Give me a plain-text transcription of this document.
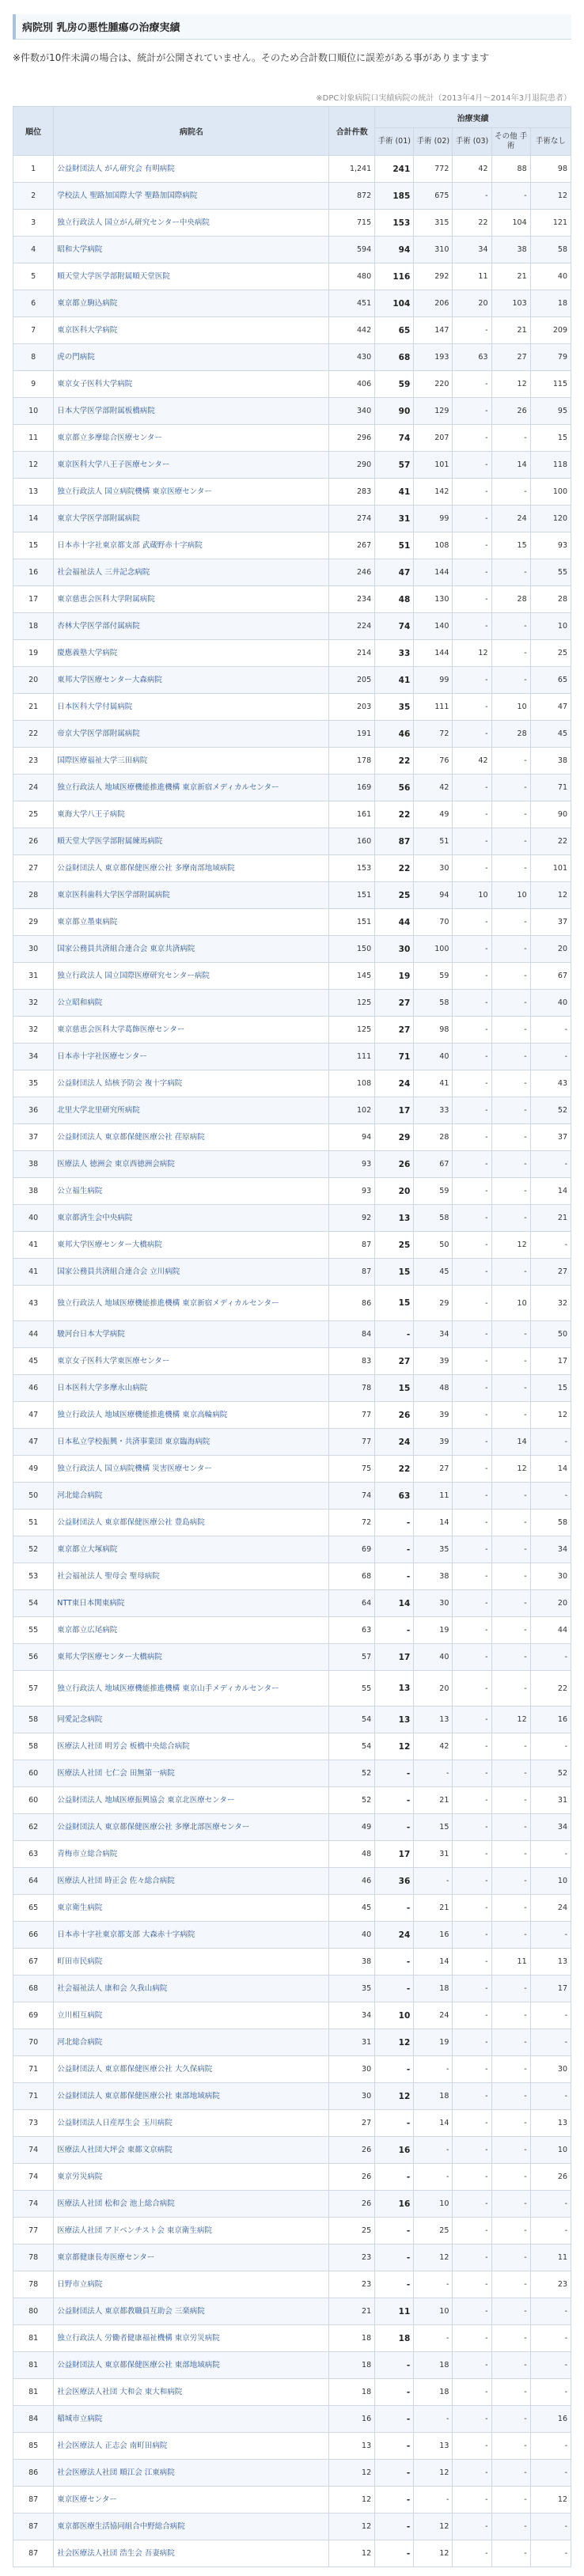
病院別 乳房の悪性腫瘍の治療実績

※件数が10件未満の場合は、統計が公開されていません。そのため合計数口順位に誤差がある事がありますます

※DPC対象病院口実績病院の統計（2013年4月〜2014年3月退院患者）

順位	病院名	合計件数	治療実績				
			手術 (01)	手術 (02)	手術 (03)	その他 手術	手術なし
1	公益財団法人 がん研究会 有明病院	1,241	241	772	42	88	98
2	学校法人 聖路加国際大学 聖路加国際病院	872	185	675	-	-	12
3	独立行政法人 国立がん研究センター中央病院	715	153	315	22	104	121
4	昭和大学病院	594	94	310	34	38	58
5	順天堂大学医学部附属順天堂医院	480	116	292	11	21	40
6	東京都立駒込病院	451	104	206	20	103	18
7	東京医科大学病院	442	65	147	-	21	209
8	虎の門病院	430	68	193	63	27	79
9	東京女子医科大学病院	406	59	220	-	12	115
10	日本大学医学部附属板橋病院	340	90	129	-	26	95
11	東京都立多摩総合医療センター	296	74	207	-	-	15
12	東京医科大学八王子医療センター	290	57	101	-	14	118
13	独立行政法人 国立病院機構 東京医療センター	283	41	142	-	-	100
14	東京大学医学部附属病院	274	31	99	-	24	120
15	日本赤十字社東京都支部 武蔵野赤十字病院	267	51	108	-	15	93
16	社会福祉法人 三井記念病院	246	47	144	-	-	55
17	東京慈恵会医科大学附属病院	234	48	130	-	28	28
18	杏林大学医学部付属病院	224	74	140	-	-	10
19	慶應義塾大学病院	214	33	144	12	-	25
20	東邦大学医療センター大森病院	205	41	99	-	-	65
21	日本医科大学付属病院	203	35	111	-	10	47
22	帝京大学医学部附属病院	191	46	72	-	28	45
23	国際医療福祉大学三田病院	178	22	76	42	-	38
24	独立行政法人 地域医療機能推進機構 東京新宿メディカルセンター	169	56	42	-	-	71
25	東海大学八王子病院	161	22	49	-	-	90
26	順天堂大学医学部附属練馬病院	160	87	51	-	-	22
27	公益財団法人 東京都保健医療公社 多摩南部地域病院	153	22	30	-	-	101
28	東京医科歯科大学医学部附属病院	151	25	94	10	10	12
29	東京都立墨東病院	151	44	70	-	-	37
30	国家公務員共済組合連合会 東京共済病院	150	30	100	-	-	20
31	独立行政法人 国立国際医療研究センター病院	145	19	59	-	-	67
32	公立昭和病院	125	27	58	-	-	40
32	東京慈恵会医科大学葛飾医療センター	125	27	98	-	-	-
34	日本赤十字社医療センター	111	71	40	-	-	-
35	公益財団法人 結核予防会 複十字病院	108	24	41	-	-	43
36	北里大学北里研究所病院	102	17	33	-	-	52
37	公益財団法人 東京都保健医療公社 荏原病院	94	29	28	-	-	37
38	医療法人 徳洲会 東京西徳洲会病院	93	26	67	-	-	-
38	公立福生病院	93	20	59	-	-	14
40	東京都済生会中央病院	92	13	58	-	-	21
41	東邦大学医療センター大橋病院	87	25	50	-	12	-
41	国家公務員共済組合連合会 立川病院	87	15	45	-	-	27
43	独立行政法人 地域医療機能推進機構 東京新宿メディカルセンター	86	15	29	-	10	32
44	駿河台日本大学病院	84	-	34	-	-	50
45	東京女子医科大学東医療センター	83	27	39	-	-	17
46	日本医科大学多摩永山病院	78	15	48	-	-	15
47	独立行政法人 地域医療機能推進機構 東京高輪病院	77	26	39	-	-	12
47	日本私立学校振興・共済事業団 東京臨海病院	77	24	39	-	14	-
49	独立行政法人 国立病院機構 災害医療センター	75	22	27	-	12	14
50	河北総合病院	74	63	11	-	-	-
51	公益財団法人 東京都保健医療公社 豊島病院	72	-	14	-	-	58
52	東京都立大塚病院	69	-	35	-	-	34
53	社会福祉法人 聖母会 聖母病院	68	-	38	-	-	30
54	NTT東日本関東病院	64	14	30	-	-	20
55	東京都立広尾病院	63	-	19	-	-	44
56	東邦大学医療センター大橋病院	57	17	40	-	-	-
57	独立行政法人 地域医療機能推進機構 東京山手メディカルセンター	55	13	20	-	-	22
58	同愛記念病院	54	13	13	-	12	16
58	医療法人社団 明芳会 板橋中央総合病院	54	12	42	-	-	-
60	医療法人社団 七仁会 田無第一病院	52	-	-	-	-	52
60	公益財団法人 地域医療振興協会 東京北医療センター	52	-	21	-	-	31
62	公益財団法人 東京都保健医療公社 多摩北部医療センター	49	-	15	-	-	34
63	青梅市立総合病院	48	17	31	-	-	-
64	医療法人社団 時正会 佐々総合病院	46	36	-	-	-	10
65	東京衛生病院	45	-	21	-	-	24
66	日本赤十字社東京都支部 大森赤十字病院	40	24	16	-	-	-
67	町田市民病院	38	-	14	-	11	13
68	社会福祉法人 康和会 久我山病院	35	-	18	-	-	17
69	立川相互病院	34	10	24	-	-	-
70	河北総合病院	31	12	19	-	-	-
71	公益財団法人 東京都保健医療公社 大久保病院	30	-	-	-	-	30
71	公益財団法人 東京都保健医療公社 東部地域病院	30	12	18	-	-	-
73	公益財団法人日産厚生会 玉川病院	27	-	14	-	-	13
74	医療法人社団大坪会 東都文京病院	26	16	-	-	-	10
74	東京労災病院	26	-	-	-	-	26
74	医療法人社団 松和会 池上総合病院	26	16	10	-	-	-
77	医療法人社団 アドベンチスト会 東京衛生病院	25	-	25	-	-	-
78	東京都健康長寿医療センター	23	-	12	-	-	11
78	日野市立病院	23	-	-	-	-	23
80	公益財団法人 東京都教職員互助会 三楽病院	21	11	10	-	-	-
81	独立行政法人 労働者健康福祉機構 東京労災病院	18	18	-	-	-	-
81	公益財団法人 東京都保健医療公社 東部地域病院	18	-	18	-	-	-
81	社会医療法人社団 大和会 東大和病院	18	-	18	-	-	-
84	稲城市立病院	16	-	-	-	-	16
85	社会医療法人 正志会 南町田病院	13	-	13	-	-	-
86	社会医療法人社団 順江会 江東病院	12	-	12	-	-	-
87	東京医療センター	12	-	-	-	-	12
87	東京都医療生活協同組合中野総合病院	12	-	12	-	-	-
87	社会医療法人社団 浩生会 吾妻病院	12	-	12	-	-	-
